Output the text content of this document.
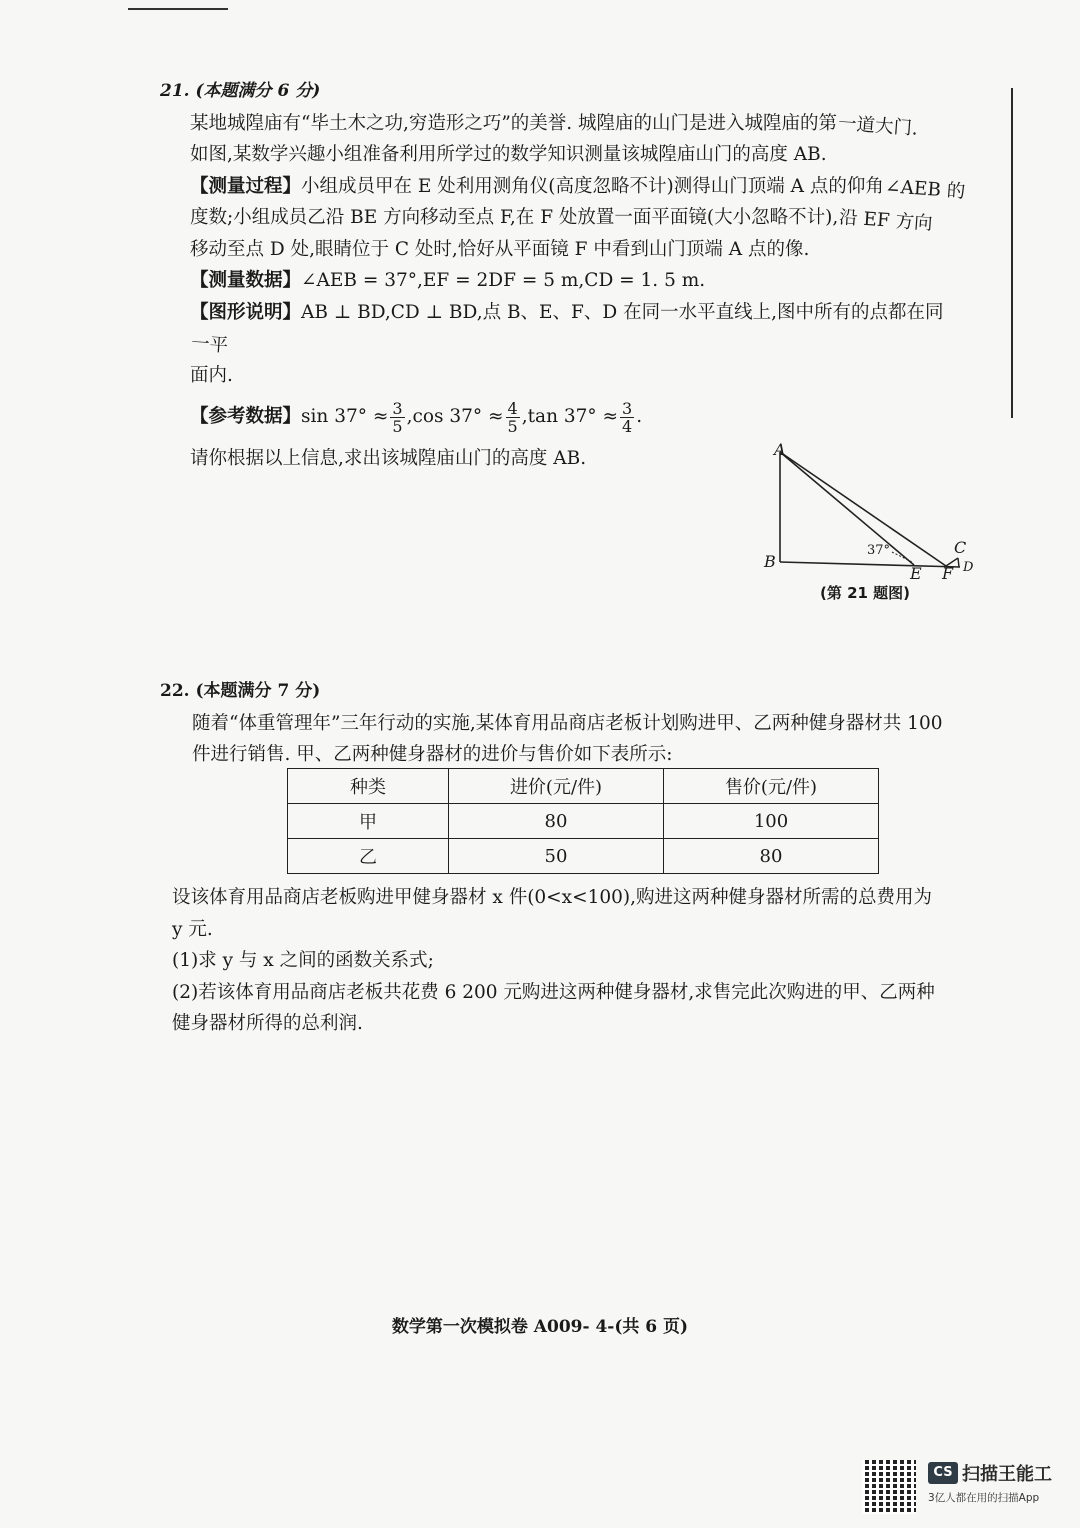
21. (本题满分 6 分)

某地城隍庙有“毕土木之功,穷造形之巧”的美誉. 城隍庙的山门是进入城隍庙的第一道大门.

如图,某数学兴趣小组准备利用所学过的数学知识测量该城隍庙山门的高度 AB.

【测量过程】小组成员甲在 E 处利用测角仪(高度忽略不计)测得山门顶端 A 点的仰角∠AEB 的

度数;小组成员乙沿 BE 方向移动至点 F,在 F 处放置一面平面镜(大小忽略不计),沿 EF 方向

移动至点 D 处,眼睛位于 C 处时,恰好从平面镜 F 中看到山门顶端 A 点的像.

【测量数据】∠AEB = 37°,EF = 2DF = 5 m,CD = 1. 5 m.

【图形说明】AB ⊥ BD,CD ⊥ BD,点 B、E、F、D 在同一水平直线上,图中所有的点都在同一平

面内.

【参考数据】$\sin 37^\circ \approx \frac{3}{5} ,\cos$ $37^\circ \approx \frac{4}{5} ,\tan$ $37^\circ \approx \frac{3}{4}$ .

请你根据以上信息,求出该城隍庙山门的高度 AB.	A
B
C
E F D
37°
(第 21 题图)
22. (本题满分 7 分)

随着“体重管理年”三年行动的实施,某体育用品商店老板计划购进甲、乙两种健身器材共 100

件进行销售. 甲、乙两种健身器材的进价与售价如下表所示:

种类	进价(元/件)	售价(元/件)
甲	80	100
乙	50	80

设该体育用品商店老板购进甲健身器材 x 件(0<x<100),购进这两种健身器材所需的总费用为

y 元.

(1)求 y 与 x 之间的函数关系式;

(2)若该体育用品商店老板共花费 6 200 元购进这两种健身器材,求售完此次购进的甲、乙两种

健身器材所得的总利润.

数学第一次模拟卷 A009- 4-(共 6 页)
CS 扫描王能工
3亿人都在用的扫描App
